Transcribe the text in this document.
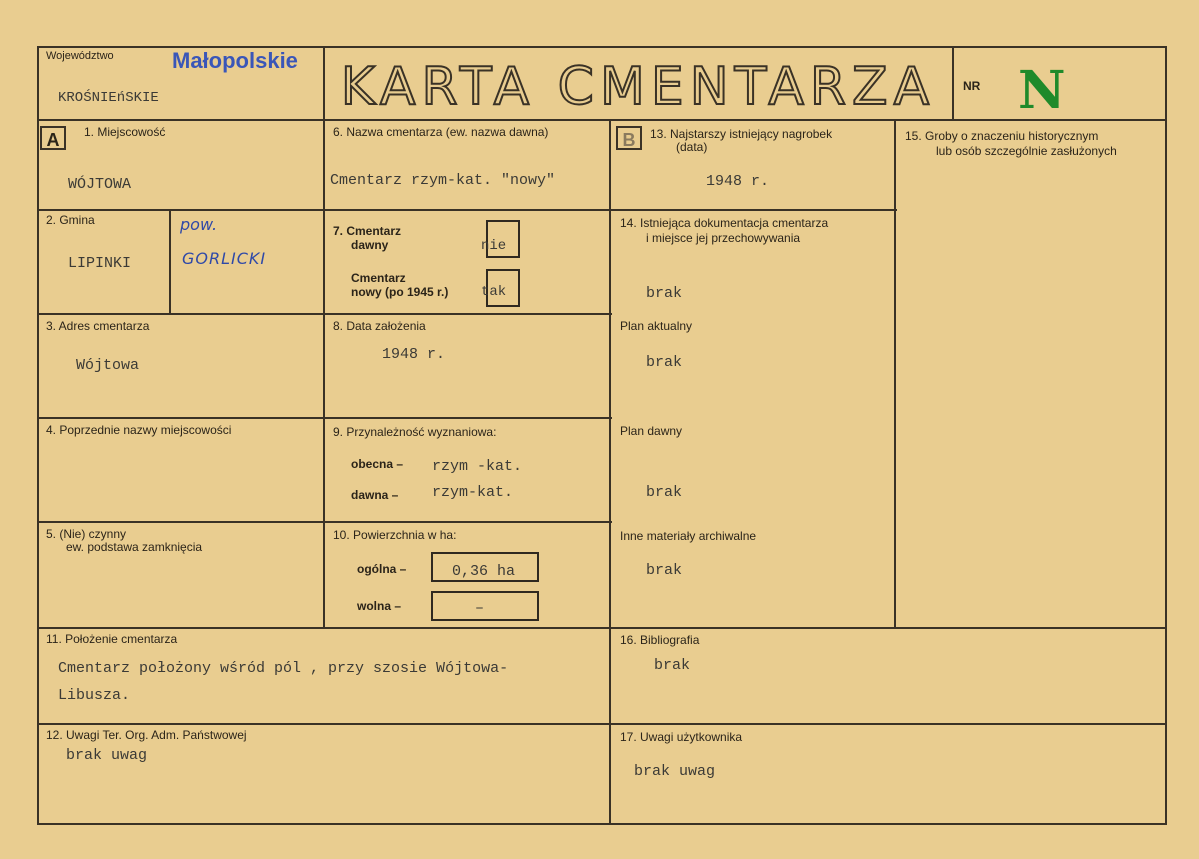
Województwo	Małopolskie
KROŚNIEńSKIE	KARTA CMENTARZA	NR N
A	B
1. Miejscowość
WÓJTOWA
2. Gmina
LIPINKI
pow.
GORLICKI
3. Adres cmentarza
Wójtowa
4. Poprzednie nazwy miejscowości
5. (Nie) czynny
ew. podstawa zamknięcia
6. Nazwa cmentarza (ew. nazwa dawna)
Cmentarz rzym-kat. "nowy"
7. Cmentarz
dawny	nie
Cmentarz
nowy (po 1945 r.) tak
8. Data założenia
1948 r.
9. Przynależność wyznaniowa:
obecna – rzym -kat.
dawna – rzym-kat.
10. Powierzchnia w ha:
ogólna –	0,36 ha
wolna –	–
11. Położenie cmentarza
Cmentarz położony wśród pól , przy szosie Wójtowa-
Libusza.
12. Uwagi Ter. Org. Adm. Państwowej
brak uwag
13. Najstarszy istniejący nagrobek
(data)
1948 r.
14. Istniejąca dokumentacja cmentarza
i miejsce jej przechowywania
brak
Plan aktualny
brak
Plan dawny
brak
Inne materiały archiwalne
brak
15. Groby o znaczeniu historycznym
lub osób szczególnie zasłużonych
16. Bibliografia
brak
17. Uwagi użytkownika
brak uwag
